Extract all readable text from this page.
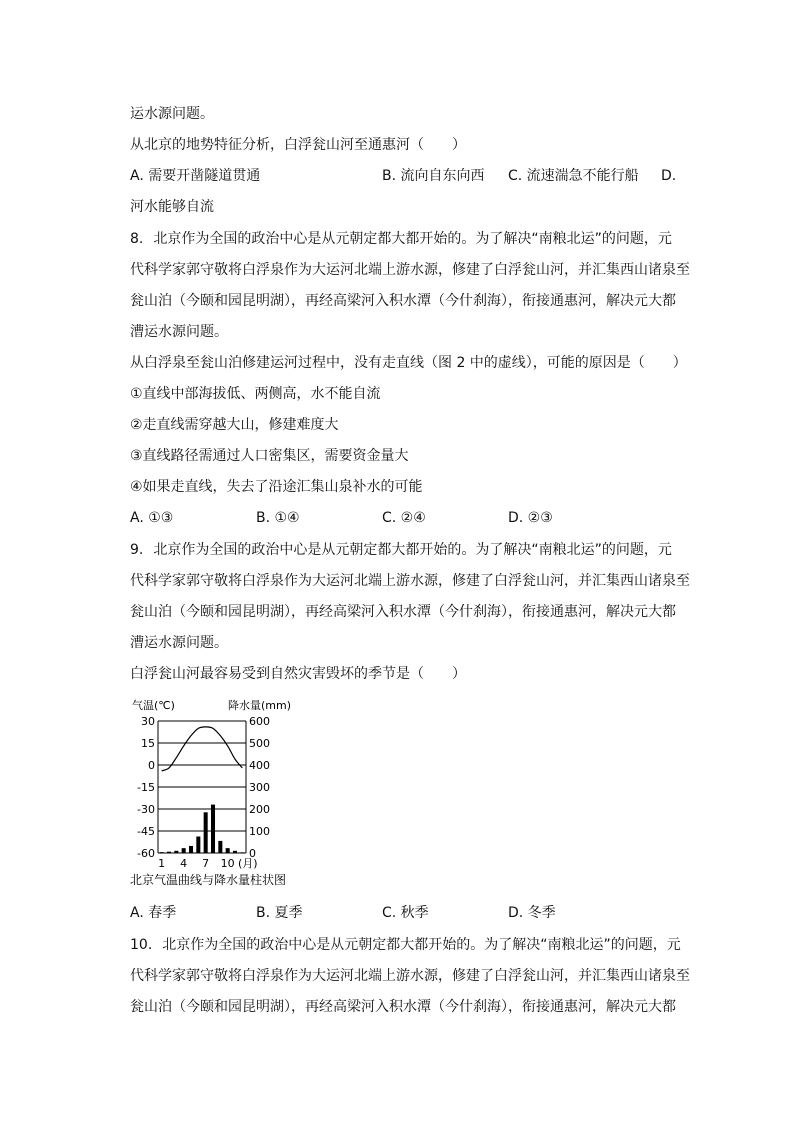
运水源问题。
从北京的地势特征分析，白浮瓮山河至通惠河（　　）
A. 需要开凿隧道贯通	B. 流向自东向西 C. 流速湍急不能行船 D.
河水能够自流
8. 北京作为全国的政治中心是从元朝定都大都开始的。为了解决“南粮北运”的问题，元
代科学家郭守敬将白浮泉作为大运河北端上游水源，修建了白浮瓮山河，并汇集西山诸泉至
瓮山泊（今颐和园昆明湖），再经高梁河入积水潭（今什刹海），衔接通惠河，解决元大都
漕运水源问题。
从白浮泉至瓮山泊修建运河过程中，没有走直线（图 2 中的虚线），可能的原因是（　　）
①直线中部海拔低、两侧高，水不能自流
②走直线需穿越大山，修建难度大
③直线路径需通过人口密集区，需要资金量大
④如果走直线，失去了沿途汇集山泉补水的可能
A. ①③	B. ①④	C. ②④	D. ②③
9. 北京作为全国的政治中心是从元朝定都大都开始的。为了解决“南粮北运”的问题，元
代科学家郭守敬将白浮泉作为大运河北端上游水源，修建了白浮瓮山河，并汇集西山诸泉至
瓮山泊（今颐和园昆明湖），再经高梁河入积水潭（今什刹海），衔接通惠河，解决元大都
漕运水源问题。
白浮瓮山河最容易受到自然灾害毁坏的季节是（　　）
30	600
15	500
0	400
-15	300
-30	200
-45	100
-60	0
1 4 7 10
气温(℃)	降水量(mm)
(月)
北京气温曲线与降水量柱状图
A. 春季	B. 夏季	C. 秋季	D. 冬季
10. 北京作为全国的政治中心是从元朝定都大都开始的。为了解决“南粮北运”的问题，元
代科学家郭守敬将白浮泉作为大运河北端上游水源，修建了白浮瓮山河，并汇集西山诸泉至
瓮山泊（今颐和园昆明湖），再经高梁河入积水潭（今什刹海），衔接通惠河，解决元大都
